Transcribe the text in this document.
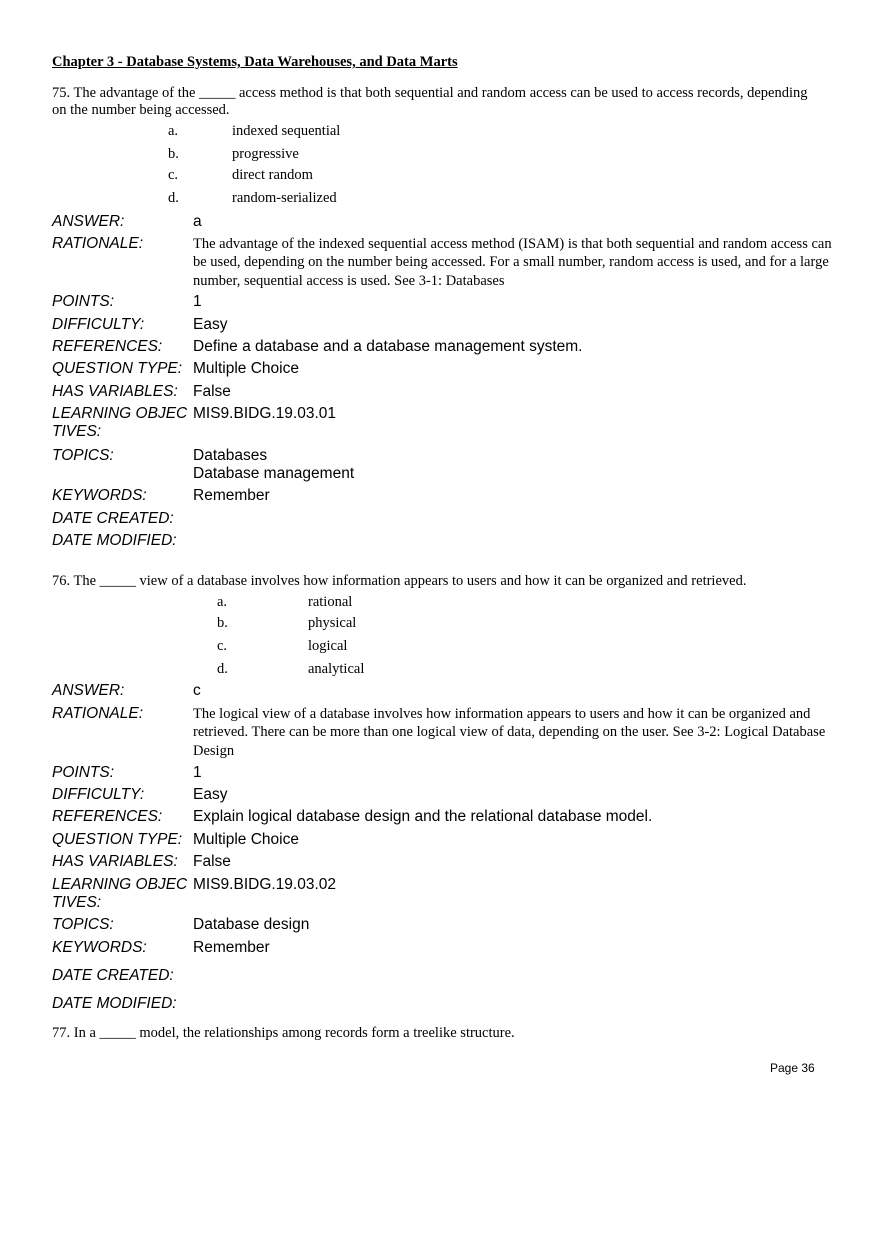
Chapter 3 - Database Systems, Data Warehouses, and Data Marts
75. The advantage of the _____ access method is that both sequential and random access can be used to access records, depending on the number being accessed.
a.	indexed sequential
b.	progressive
c.	direct random
d.	random-serialized
ANSWER:	a
RATIONALE:	The advantage of the indexed sequential access method (ISAM) is that both sequential and random access can be used, depending on the number being accessed. For a small number, random access is used, and for a large number, sequential access is used. See 3-1: Databases
POINTS:	1
DIFFICULTY:	Easy
REFERENCES: Define a database and a database management system.
QUESTION TYPE: Multiple Choice
HAS VARIABLES: False
LEARNING OBJEC
TIVES:
MIS9.BIDG.19.03.01
TOPICS:	Databases
Database management
KEYWORDS:	Remember
DATE CREATED:
DATE MODIFIED:
76. The _____ view of a database involves how information appears to users and how it can be organized and retrieved.
a.	rational
b.	physical
c.	logical
d.	analytical
ANSWER:	c
RATIONALE:	The logical view of a database involves how information appears to users and how it can be organized and retrieved. There can be more than one logical view of data, depending on the user. See 3-2: Logical Database Design
POINTS:	1
DIFFICULTY:	Easy
REFERENCES: Explain logical database design and the relational database model.
QUESTION TYPE: Multiple Choice
HAS VARIABLES: False
LEARNING OBJEC
TIVES:
MIS9.BIDG.19.03.02
TOPICS:	Database design
KEYWORDS:	Remember
DATE CREATED:
DATE MODIFIED:
77. In a _____ model, the relationships among records form a treelike structure.
Page 36
